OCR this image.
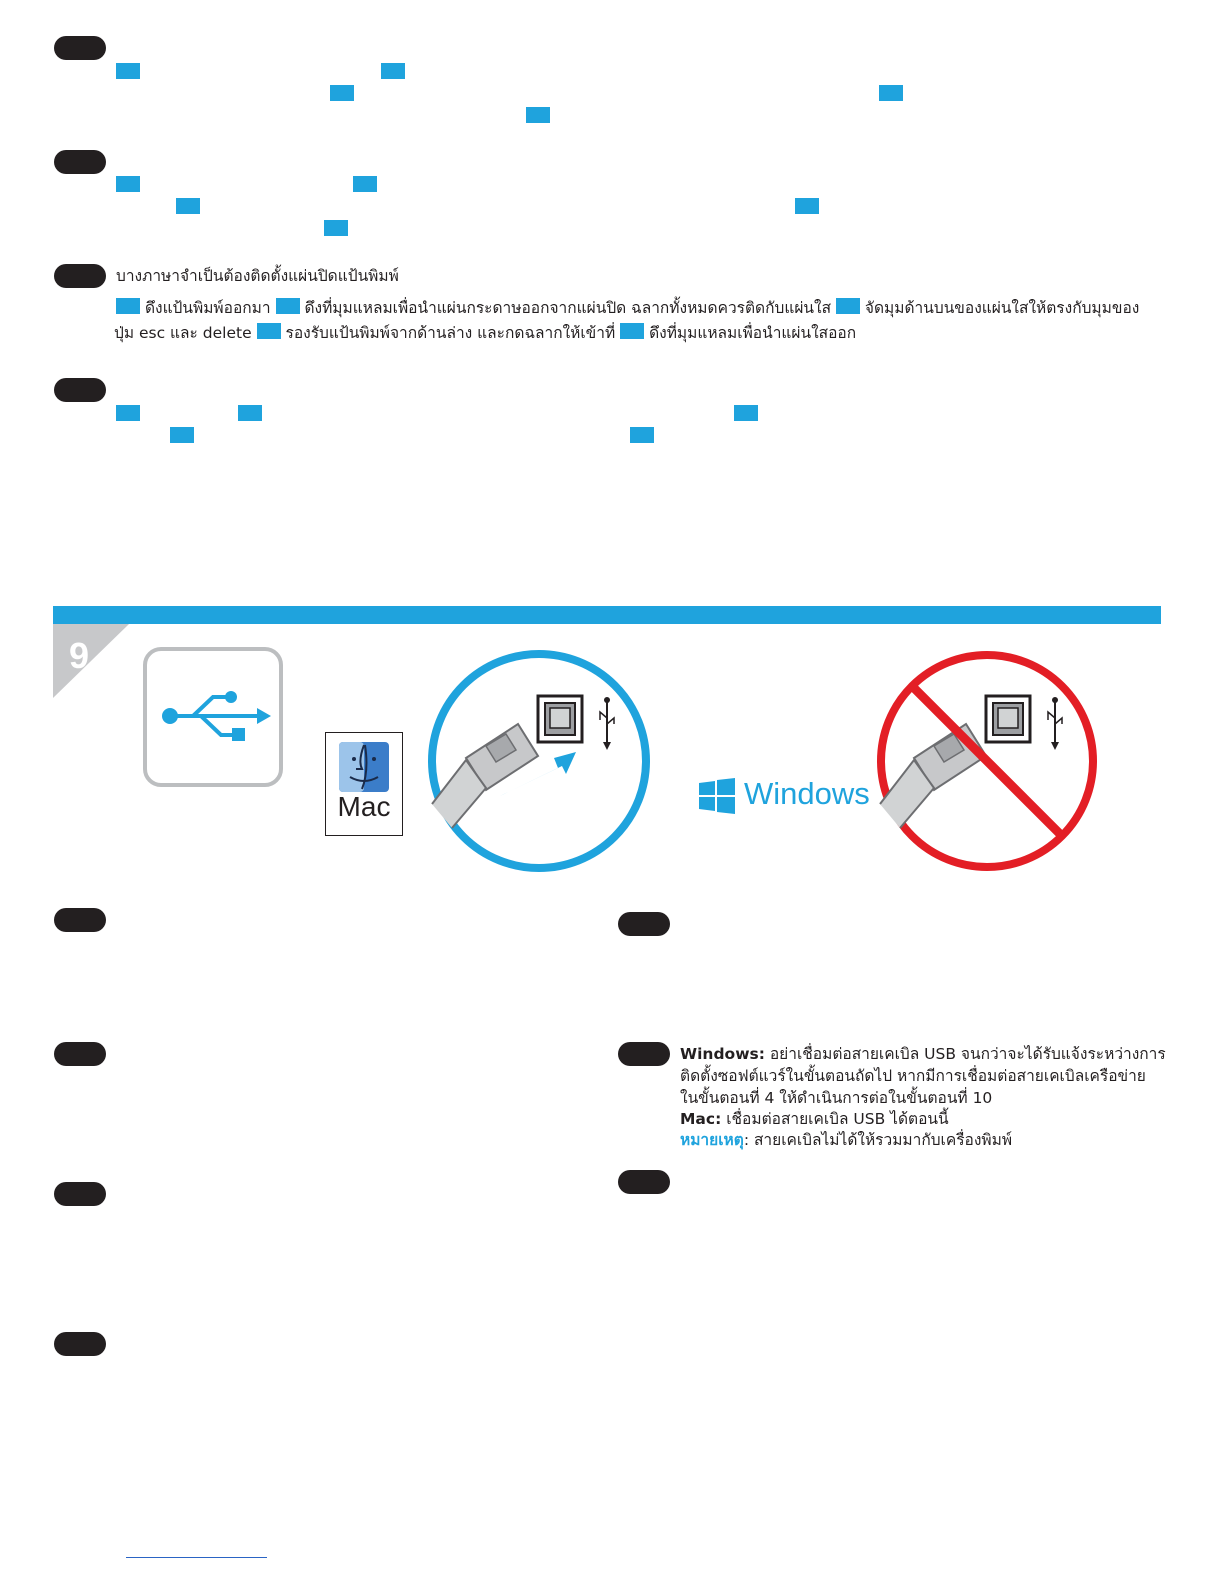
บางภาษาจำเป็นต้องติดตั้งแผ่นปิดแป้นพิมพ์
ดึงแป้นพิมพ์ออกมา ดึงที่มุมแหลมเพื่อนำแผ่นกระดาษออกจากแผ่นปิด ฉลากทั้งหมดควรติดกับแผ่นใส จัดมุมด้านบนของแผ่นใสให้ตรงกับมุมของ
ปุ่ม esc และ delete รองรับแป้นพิมพ์จากด้านล่าง และกดฉลากให้เข้าที่ ดึงที่มุมแหลมเพื่อนำแผ่นใสออก
9
Mac	Windows
Windows: อย่าเชื่อมต่อสายเคเบิล USB จนกว่าจะได้รับแจ้งระหว่างการ
ติดตั้งซอฟต์แวร์ในขั้นตอนถัดไป หากมีการเชื่อมต่อสายเคเบิลเครือข่าย
ในขั้นตอนที่ 4 ให้ดำเนินการต่อในขั้นตอนที่ 10
Mac: เชื่อมต่อสายเคเบิล USB ได้ตอนนี้
หมายเหตุ: สายเคเบิลไม่ได้ให้รวมมากับเครื่องพิมพ์
